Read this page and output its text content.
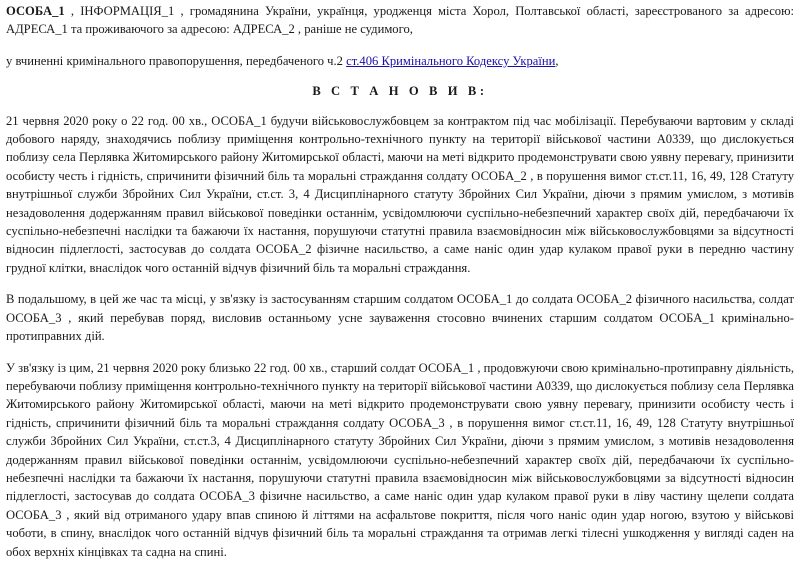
ОСОБА_1 , ІНФОРМАЦІЯ_1 , громадянина України, українця, уродженця міста Хорол, Полтавської області, зареєстрованого за адресою: АДРЕСА_1 та проживаючого за адресою: АДРЕСА_2 , раніше не судимого,

у вчиненні кримінального правопорушення, передбаченого ч.2 ст.406 Кримінального Кодексу України,

В С Т А Н О В И В:

21 червня 2020 року о 22 год. 00 хв., ОСОБА_1 будучи військовослужбовцем за контрактом під час мобілізації. Перебуваючи вартовим у складі добового наряду, знаходячись поблизу приміщення контрольно-технічного пункту на території військової частини А0339, що дислокується поблизу села Перлявка Житомирського району Житомирської області, маючи на меті відкрито продемонструвати свою уявну перевагу, принизити особисту честь і гідність, спричинити фізичний біль та моральні страждання солдату ОСОБА_2 , в порушення вимог ст.ст.11, 16, 49, 128 Статуту внутрішньої служби Збройних Сил України, ст.ст. 3, 4 Дисциплінарного статуту Збройних Сил України, діючи з прямим умислом, з мотивів незадоволення додержанням правил військової поведінки останнім, усвідомлюючи суспільно-небезпечний характер своїх дій, передбачаючи їх суспільно-небезпечні наслідки та бажаючи їх настання, порушуючи статутні правила взаємовідносин між військовослужбовцями за відсутності відносин підлеглості, застосував до солдата ОСОБА_2 фізичне насильство, а саме наніс один удар кулаком правої руки в передню частину грудної клітки, внаслідок чого останній відчув фізичний біль та моральні страждання.

В подальшому, в цей же час та місці, у зв'язку із застосуванням старшим солдатом ОСОБА_1 до солдата ОСОБА_2 фізичного насильства, солдат ОСОБА_3 , який перебував поряд, висловив останньому усне зауваження стосовно вчинених старшим солдатом ОСОБА_1 кримінально-протиправних дій.

У зв'язку із цим, 21 червня 2020 року близько 22 год. 00 хв., старший солдат ОСОБА_1 , продовжуючи свою кримінально-протиправну діяльність, перебуваючи поблизу приміщення контрольно-технічного пункту на території військової частини А0339, що дислокується поблизу села Перлявка Житомирського району Житомирської області, маючи на меті відкрито продемонструвати свою уявну перевагу, принизити особисту честь і гідність, спричинити фізичний біль та моральні страждання солдату ОСОБА_3 , в порушення вимог ст.ст.11, 16, 49, 128 Статуту внутрішньої служби Збройних Сил України, ст.ст.3, 4 Дисциплінарного статуту Збройних Сил України, діючи з прямим умислом, з мотивів незадоволення додержанням правил військової поведінки останнім, усвідомлюючи суспільно-небезпечний характер своїх дій, передбачаючи їх суспільно-небезпечні наслідки та бажаючи їх настання, порушуючи статутні правила взаємовідносин між військовослужбовцями за відсутності відносин підлеглості, застосував до солдата ОСОБА_3 фізичне насильство, а саме наніс один удар кулаком правої руки в ліву частину щелепи солдата ОСОБА_3 , який від отриманого удару впав спиною й літтями на асфальтове покриття, після чого наніс один удар ногою, взутою у військові чоботи, в спину, внаслідок чого останній відчув фізичний біль та моральні страждання та отримав легкі тілесні ушкодження у вигляді саден на обох верхніх кінцівках та садна на спині.
